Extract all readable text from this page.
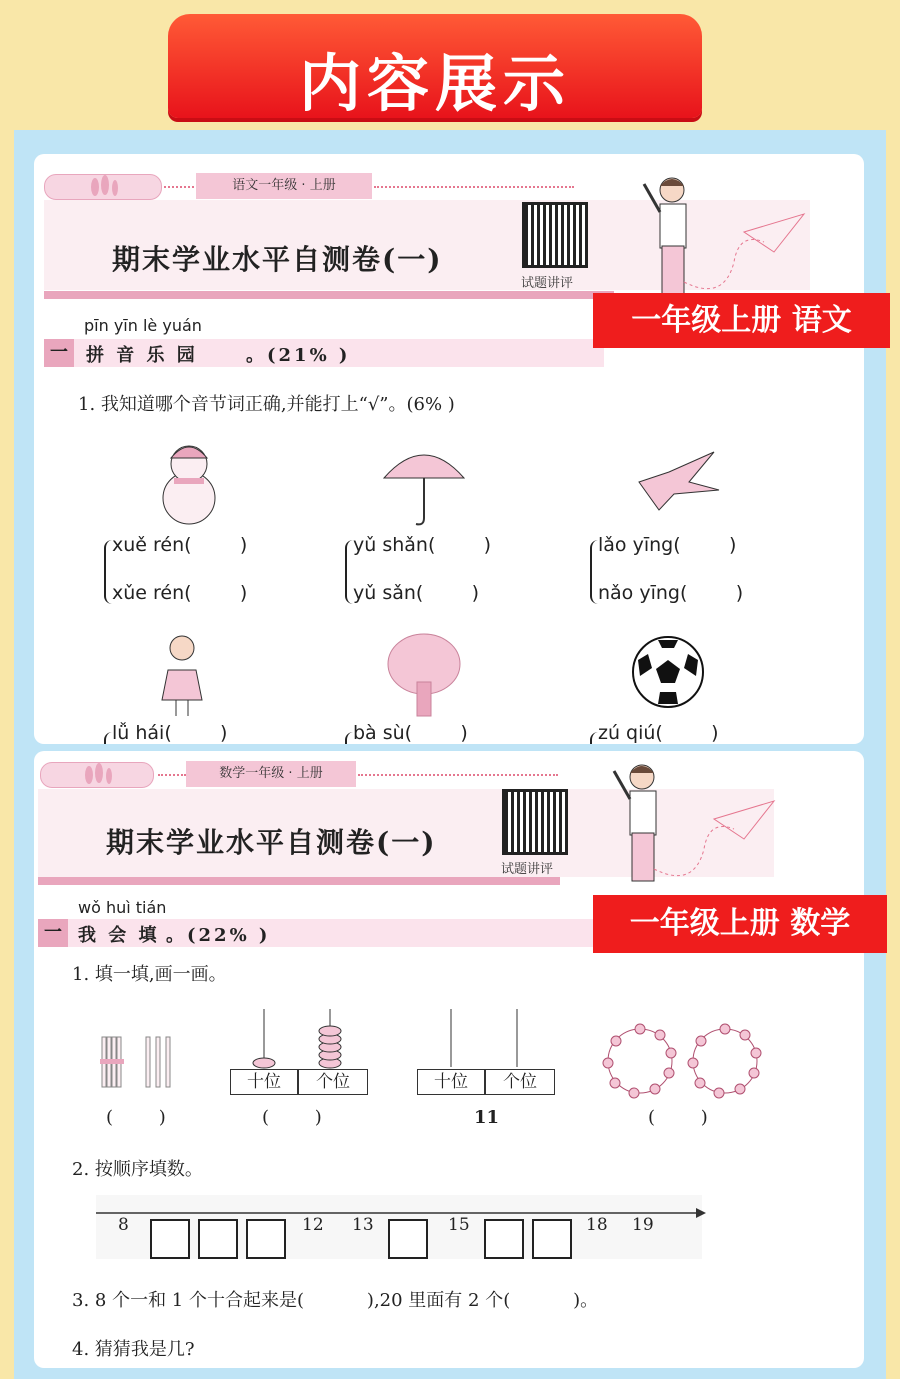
内容展示
语文一年级 · 上册
期末学业水平自测卷(一)
试题讲评
pīn yīn lè yuán
一	拼 音 乐 园	。(21% )
1. 我知道哪个音节词正确,并能打上“√”。(6% )
xuě rén(        )
xǔe rén(        )
yǔ shǎn(        )
yǔ sǎn(        )
lǎo yīng(        )
nǎo yīng(        )
lǚ hái(        )	bà sù(        )	zú qiú(        )
一年级上册 语文
数学一年级 · 上册
期末学业水平自测卷(一)
试题讲评
wǒ huì tián
一 我 会 填 。(22% )
1. 填一填,画一画。
(        )
十位	个位
(        )
十位	个位
11	(        )
2. 按顺序填数。
8	12 13	15	18 19
3. 8 个一和 1 个十合起来是(           ),20 里面有 2 个(           )。
4. 猜猜我是几?
一年级上册 数学
